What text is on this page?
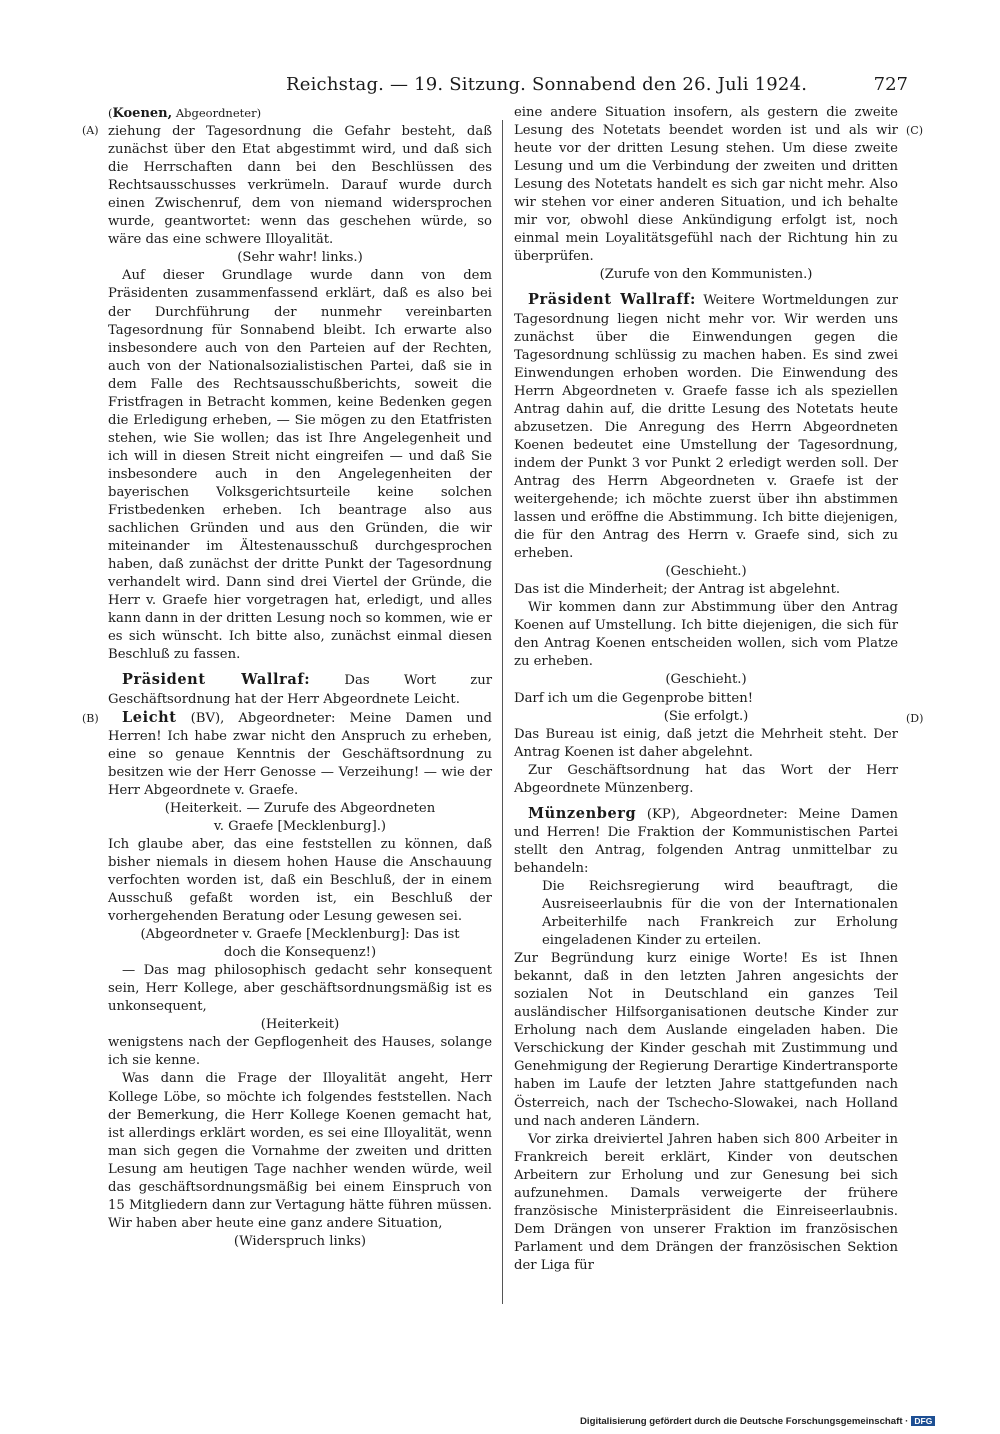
Reichstag. — 19. Sitzung. Sonnabend den 26. Juli 1924.	727
(A)
(B)
(C)
(D)

(Koenen, Abgeordneter)

ziehung der Tagesordnung die Gefahr besteht, daß zunächst über den Etat abgestimmt wird, und daß sich die Herrschaften dann bei den Beschlüssen des Rechtsausschusses verkrümeln. Darauf wurde durch einen Zwischenruf, dem von niemand widersprochen wurde, geantwortet: wenn das geschehen würde, so wäre das eine schwere Illoyalität.

(Sehr wahr! links.)

Auf dieser Grundlage wurde dann von dem Präsidenten zusammenfassend erklärt, daß es also bei der Durchführung der nunmehr vereinbarten Tagesordnung für Sonnabend bleibt. Ich erwarte also insbesondere auch von den Parteien auf der Rechten, auch von der Nationalsozialistischen Partei, daß sie in dem Falle des Rechtsausschußberichts, soweit die Fristfragen in Betracht kommen, keine Bedenken gegen die Erledigung erheben, — Sie mögen zu den Etatfristen stehen, wie Sie wollen; das ist Ihre Angelegenheit und ich will in diesen Streit nicht eingreifen — und daß Sie insbesondere auch in den Angelegenheiten der bayerischen Volksgerichtsurteile keine solchen Fristbedenken erheben. Ich beantrage also aus sachlichen Gründen und aus den Gründen, die wir miteinander im Ältestenausschuß durchgesprochen haben, daß zunächst der dritte Punkt der Tagesordnung verhandelt wird. Dann sind drei Viertel der Gründe, die Herr v. Graefe hier vorgetragen hat, erledigt, und alles kann dann in der dritten Lesung noch so kommen, wie er es sich wünscht. Ich bitte also, zunächst einmal diesen Beschluß zu fassen.

Präsident Wallraf: Das Wort zur Geschäftsordnung hat der Herr Abgeordnete Leicht.

Leicht (BV), Abgeordneter: Meine Damen und Herren! Ich habe zwar nicht den Anspruch zu erheben, eine so genaue Kenntnis der Geschäftsordnung zu besitzen wie der Herr Genosse — Verzeihung! — wie der Herr Abgeordnete v. Graefe.

(Heiterkeit. — Zurufe des Abgeordneten

v. Graefe [Mecklenburg].)

Ich glaube aber, das eine feststellen zu können, daß bisher niemals in diesem hohen Hause die Anschauung verfochten worden ist, daß ein Beschluß, der in einem Ausschuß gefaßt worden ist, ein Beschluß der vorhergehenden Beratung oder Lesung gewesen sei.

(Abgeordneter v. Graefe [Mecklenburg]: Das ist

doch die Konsequenz!)

— Das mag philosophisch gedacht sehr konsequent sein, Herr Kollege, aber geschäftsordnungsmäßig ist es unkonsequent,

(Heiterkeit)

wenigstens nach der Gepflogenheit des Hauses, solange ich sie kenne.

Was dann die Frage der Illoyalität angeht, Herr Kollege Löbe, so möchte ich folgendes feststellen. Nach der Bemerkung, die Herr Kollege Koenen gemacht hat, ist allerdings erklärt worden, es sei eine Illoyalität, wenn man sich gegen die Vornahme der zweiten und dritten Lesung am heutigen Tage nachher wenden würde, weil das geschäftsordnungsmäßig bei einem Einspruch von 15 Mitgliedern dann zur Vertagung hätte führen müssen. Wir haben aber heute eine ganz andere Situation,

(Widerspruch links)

eine andere Situation insofern, als gestern die zweite Lesung des Notetats beendet worden ist und als wir heute vor der dritten Lesung stehen. Um diese zweite Lesung und um die Verbindung der zweiten und dritten Lesung des Notetats handelt es sich gar nicht mehr. Also wir stehen vor einer anderen Situation, und ich behalte mir vor, obwohl diese Ankündigung erfolgt ist, noch einmal mein Loyalitätsgefühl nach der Richtung hin zu überprüfen.

(Zurufe von den Kommunisten.)

Präsident Wallraff: Weitere Wortmeldungen zur Tagesordnung liegen nicht mehr vor. Wir werden uns zunächst über die Einwendungen gegen die Tagesordnung schlüssig zu machen haben. Es sind zwei Einwendungen erhoben worden. Die Einwendung des Herrn Abgeordneten v. Graefe fasse ich als speziellen Antrag dahin auf, die dritte Lesung des Notetats heute abzusetzen. Die Anregung des Herrn Abgeordneten Koenen bedeutet eine Umstellung der Tagesordnung, indem der Punkt 3 vor Punkt 2 erledigt werden soll. Der Antrag des Herrn Abgeordneten v. Graefe ist der weitergehende; ich möchte zuerst über ihn abstimmen lassen und eröffne die Abstimmung. Ich bitte diejenigen, die für den Antrag des Herrn v. Graefe sind, sich zu erheben.

(Geschieht.)

Das ist die Minderheit; der Antrag ist abgelehnt.

Wir kommen dann zur Abstimmung über den Antrag Koenen auf Umstellung. Ich bitte diejenigen, die sich für den Antrag Koenen entscheiden wollen, sich vom Platze zu erheben.

(Geschieht.)

Darf ich um die Gegenprobe bitten!

(Sie erfolgt.)

Das Bureau ist einig, daß jetzt die Mehrheit steht. Der Antrag Koenen ist daher abgelehnt.

Zur Geschäftsordnung hat das Wort der Herr Abgeordnete Münzenberg.

Münzenberg (KP), Abgeordneter: Meine Damen und Herren! Die Fraktion der Kommunistischen Partei stellt den Antrag, folgenden Antrag unmittelbar zu behandeln:

Die Reichsregierung wird beauftragt, die Ausreiseerlaubnis für die von der Internationalen Arbeiterhilfe nach Frankreich zur Erholung eingeladenen Kinder zu erteilen.

Zur Begründung kurz einige Worte! Es ist Ihnen bekannt, daß in den letzten Jahren angesichts der sozialen Not in Deutschland ein ganzes Teil ausländischer Hilfsorganisationen deutsche Kinder zur Erholung nach dem Auslande eingeladen haben. Die Verschickung der Kinder geschah mit Zustimmung und Genehmigung der Regierung Derartige Kindertransporte haben im Laufe der letzten Jahre stattgefunden nach Österreich, nach der Tschecho-Slowakei, nach Holland und nach anderen Ländern.

Vor zirka dreiviertel Jahren haben sich 800 Arbeiter in Frankreich bereit erklärt, Kinder von deutschen Arbeitern zur Erholung und zur Genesung bei sich aufzunehmen. Damals verweigerte der frühere französische Ministerpräsident die Einreiseerlaubnis. Dem Drängen von unserer Fraktion im französischen Parlament und dem Drängen der französischen Sektion der Liga für

Digitalisierung gefördert durch die Deutsche Forschungsgemeinschaft · DFG
